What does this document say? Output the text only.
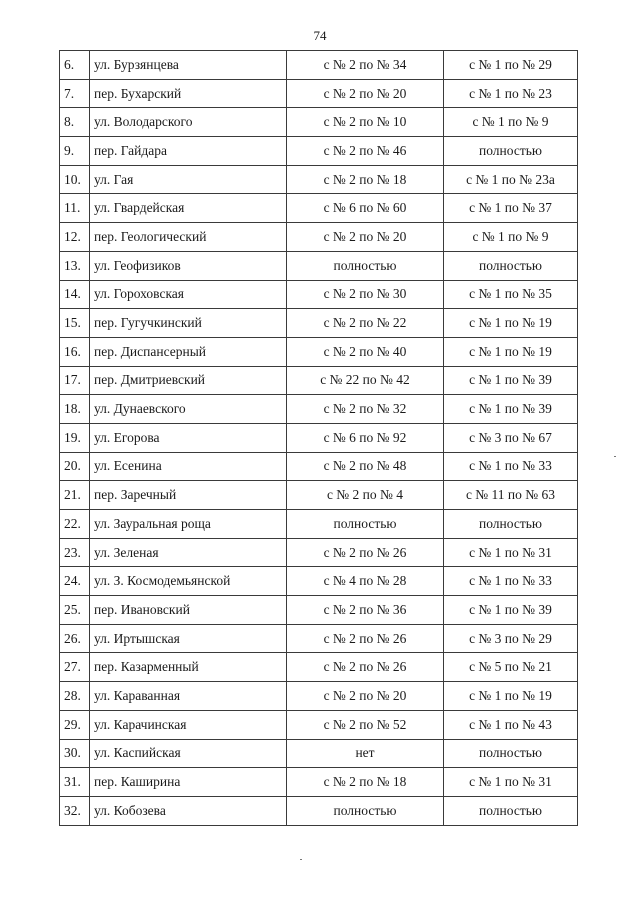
74
6.	ул. Бурзянцева	с № 2 по № 34	с № 1 по № 29
7.	пер. Бухарский	с № 2 по № 20	с № 1 по № 23
8.	ул. Володарского	с № 2 по № 10	с № 1 по № 9
9.	пер. Гайдара	с № 2 по № 46	полностью
10.	ул. Гая	с № 2 по № 18	с № 1 по № 23а
11.	ул. Гвардейская	с № 6 по № 60	с № 1 по № 37
12.	пер. Геологический	с № 2 по № 20	с № 1 по № 9
13.	ул. Геофизиков	полностью	полностью
14.	ул. Гороховская	с № 2 по № 30	с № 1 по № 35
15.	пер. Гугучкинский	с № 2 по № 22	с № 1 по № 19
16.	пер. Диспансерный	с № 2 по № 40	с № 1 по № 19
17.	пер. Дмитриевский	с № 22 по № 42	с № 1 по № 39
18.	ул. Дунаевского	с № 2 по № 32	с № 1 по № 39
19.	ул. Егорова	с № 6 по № 92	с № 3 по № 67
20.	ул. Есенина	с № 2 по № 48	с № 1 по № 33
21.	пер. Заречный	с № 2 по № 4	с № 11 по № 63
22.	ул. Зауральная роща	полностью	полностью
23.	ул. Зеленая	с № 2 по № 26	с № 1 по № 31
24.	ул. З. Космодемьянской	с № 4 по № 28	с № 1 по № 33
25.	пер. Ивановский	с № 2 по № 36	с № 1 по № 39
26.	ул. Иртышская	с № 2 по № 26	с № 3 по № 29
27.	пер. Казарменный	с № 2 по № 26	с № 5 по № 21
28.	ул. Караванная	с № 2 по № 20	с № 1 по № 19
29.	ул. Карачинская	с № 2 по № 52	с № 1 по № 43
30.	ул. Каспийская	нет	полностью
31.	пер. Каширина	с № 2 по № 18	с № 1 по № 31
32.	ул. Кобозева	полностью	полностью
